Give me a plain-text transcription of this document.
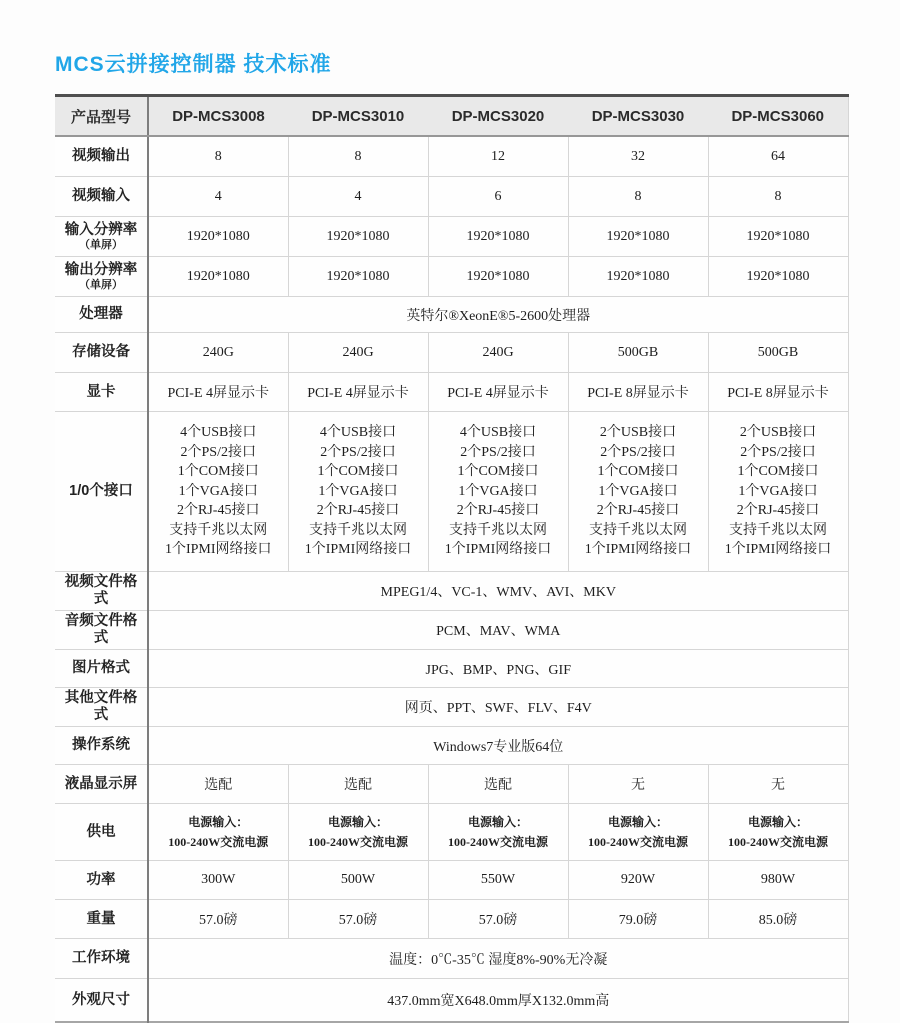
MCS云拼接控制器 技术标准
产品型号	DP-MCS3008	DP-MCS3010	DP-MCS3020	DP-MCS3030	DP-MCS3060
视频输出	8	8	12	32	64
视频输入	4	4	6	8	8
输入分辨率
（单屏）	1920*1080	1920*1080	1920*1080	1920*1080	1920*1080
输出分辨率
（单屏）	1920*1080	1920*1080	1920*1080	1920*1080	1920*1080
处理器	英特尔®XeonE®5-2600处理器				
存储设备	240G	240G	240G	500GB	500GB
显卡	PCI-E 4屏显示卡	PCI-E 4屏显示卡	PCI-E 4屏显示卡	PCI-E 8屏显示卡	PCI-E 8屏显示卡
1/0个接口	4个USB接口
2个PS/2接口
1个COM接口
1个VGA接口
2个RJ-45接口
支持千兆以太网
1个IPMI网络接口	4个USB接口
2个PS/2接口
1个COM接口
1个VGA接口
2个RJ-45接口
支持千兆以太网
1个IPMI网络接口	4个USB接口
2个PS/2接口
1个COM接口
1个VGA接口
2个RJ-45接口
支持千兆以太网
1个IPMI网络接口	2个USB接口
2个PS/2接口
1个COM接口
1个VGA接口
2个RJ-45接口
支持千兆以太网
1个IPMI网络接口	2个USB接口
2个PS/2接口
1个COM接口
1个VGA接口
2个RJ-45接口
支持千兆以太网
1个IPMI网络接口
视频文件格式	MPEG1/4、VC-1、WMV、AVI、MKV				
音频文件格式	PCM、MAV、WMA				
图片格式	JPG、BMP、PNG、GIF				
其他文件格式	网页、PPT、SWF、FLV、F4V				
操作系统	Windows7专业版64位				
液晶显示屏	选配	选配	选配	无	无
供电	电源输入：
100-240W交流电源	电源输入：
100-240W交流电源	电源输入：
100-240W交流电源	电源输入：
100-240W交流电源	电源输入：
100-240W交流电源
功率	300W	500W	550W	920W	980W
重量	57.0磅	57.0磅	57.0磅	79.0磅	85.0磅
工作环境	温度：0℃-35℃ 湿度8%-90%无冷凝				
外观尺寸	437.0mm宽X648.0mm厚X132.0mm高				
